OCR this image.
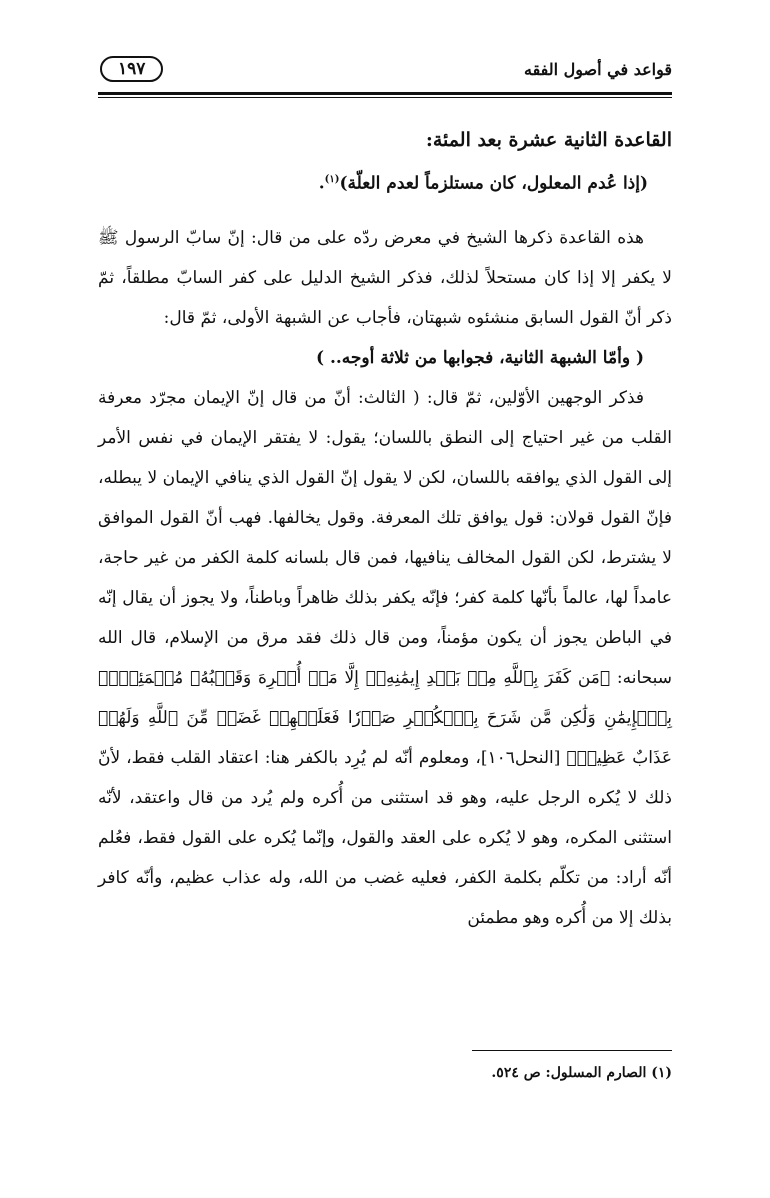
قواعد في أصول الفقه
١٩٧

القاعدة الثانية عشرة بعد المئة:

(إذا عُدم المعلول، كان مستلزماً لعدم العلّة)$^{(١)}$.

هذه القاعدة ذكرها الشيخ في معرض ردّه على من قال: إنّ سابّ الرسول ﷺ لا يكفر إلا إذا كان مستحلاً لذلك، فذكر الشيخ الدليل على كفر السابّ مطلقاً، ثمّ ذكر أنّ القول السابق منشئوه شبهتان، فأجاب عن الشبهة الأولى، ثمّ قال:

( وأمّا الشبهة الثانية، فجوابها من ثلاثة أوجه.. )

فذكر الوجهين الأوّلين، ثمّ قال: ( الثالث: أنّ من قال إنّ الإيمان مجرّد معرفة القلب من غير احتياج إلى النطق باللسان؛ يقول: لا يفتقر الإيمان في نفس الأمر إلى القول الذي يوافقه باللسان، لكن لا يقول إنّ القول الذي ينافي الإيمان لا يبطله، فإنّ القول قولان: قول يوافق تلك المعرفة. وقول يخالفها. فهب أنّ القول الموافق لا يشترط، لكن القول المخالف ينافيها، فمن قال بلسانه كلمة الكفر من غير حاجة، عامداً لها، عالماً بأنّها كلمة كفر؛ فإنّه يكفر بذلك ظاهراً وباطناً، ولا يجوز أن يقال إنّه في الباطن يجوز أن يكون مؤمناً، ومن قال ذلك فقد مرق من الإسلام، قال الله سبحانه: ﴿مَن كَفَرَ بِٱللَّهِ مِنۢ بَعۡدِ إِيمَٰنِهِۦٓ إِلَّا مَنۡ أُكۡرِهَ وَقَلۡبُهُۥ مُطۡمَئِنُّۢ بِٱلۡإِيمَٰنِ وَلَٰكِن مَّن شَرَحَ بِٱلۡكُفۡرِ صَدۡرٗا فَعَلَيۡهِمۡ غَضَبٞ مِّنَ ٱللَّهِ وَلَهُمۡ عَذَابٌ عَظِيمٞ﴾ [النحل١٠٦]، ومعلوم أنّه لم يُرِد بالكفر هنا: اعتقاد القلب فقط، لأنّ ذلك لا يُكره الرجل عليه، وهو قد استثنى من أُكره ولم يُرد من قال واعتقد، لأنّه استثنى المكره، وهو لا يُكره على العقد والقول، وإنّما يُكره على القول فقط، فعُلم أنّه أراد: من تكلّم بكلمة الكفر، فعليه غضب من الله، وله عذاب عظيم، وأنّه كافر بذلك إلا من أُكره وهو مطمئن

(١) الصارم المسلول: ص ٥٢٤.
